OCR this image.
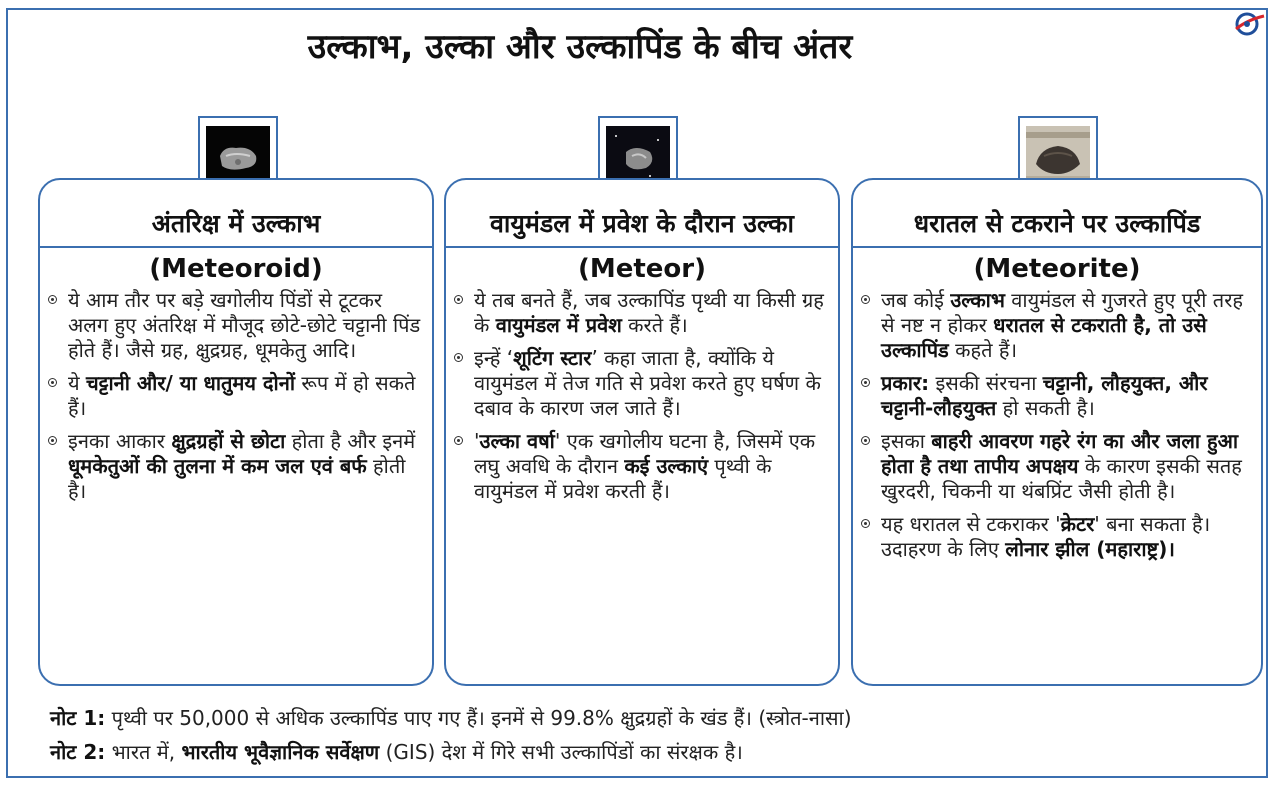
उल्काभ, उल्का और उल्कापिंड के बीच अंतर
अंतरिक्ष में उल्काभ
(Meteoroid)
ये आम तौर पर बड़े खगोलीय पिंडों से टूटकर अलग हुए अंतरिक्ष में मौजूद छोटे-छोटे चट्टानी पिंड होते हैं। जैसे ग्रह, क्षुद्रग्रह, धूमकेतु आदि।
ये चट्टानी और/ या धातुमय दोनों रूप में हो सकते हैं।
इनका आकार क्षुद्रग्रहों से छोटा होता है और इनमें धूमकेतुओं की तुलना में कम जल एवं बर्फ होती है।
वायुमंडल में प्रवेश के दौरान उल्का
(Meteor)
ये तब बनते हैं, जब उल्कापिंड पृथ्वी या किसी ग्रह के वायुमंडल में प्रवेश करते हैं।
इन्हें ‘शूटिंग स्टार’ कहा जाता है, क्योंकि ये वायुमंडल में तेज गति से प्रवेश करते हुए घर्षण के दबाव के कारण जल जाते हैं।
'उल्का वर्षा' एक खगोलीय घटना है, जिसमें एक लघु अवधि के दौरान कई उल्काएं पृथ्वी के वायुमंडल में प्रवेश करती हैं।
धरातल से टकराने पर उल्कापिंड
(Meteorite)
जब कोई उल्काभ वायुमंडल से गुजरते हुए पूरी तरह से नष्ट न होकर धरातल से टकराती है, तो उसे उल्कापिंड कहते हैं।
प्रकार: इसकी संरचना चट्टानी, लौहयुक्त, और चट्टानी-लौहयुक्त हो सकती है।
इसका बाहरी आवरण गहरे रंग का और जला हुआ होता है तथा तापीय अपक्षय के कारण इसकी सतह खुरदरी, चिकनी या थंबप्रिंट जैसी होती है।
यह धरातल से टकराकर 'क्रेटर' बना सकता है। उदाहरण के लिए लोनार झील (महाराष्ट्र)।
नोट 1: पृथ्वी पर 50,000 से अधिक उल्कापिंड पाए गए हैं। इनमें से 99.8% क्षुद्रग्रहों के खंड हैं। (स्त्रोत-नासा)
नोट 2: भारत में, भारतीय भूवैज्ञानिक सर्वेक्षण (GIS) देश में गिरे सभी उल्कापिंडों का संरक्षक है।
